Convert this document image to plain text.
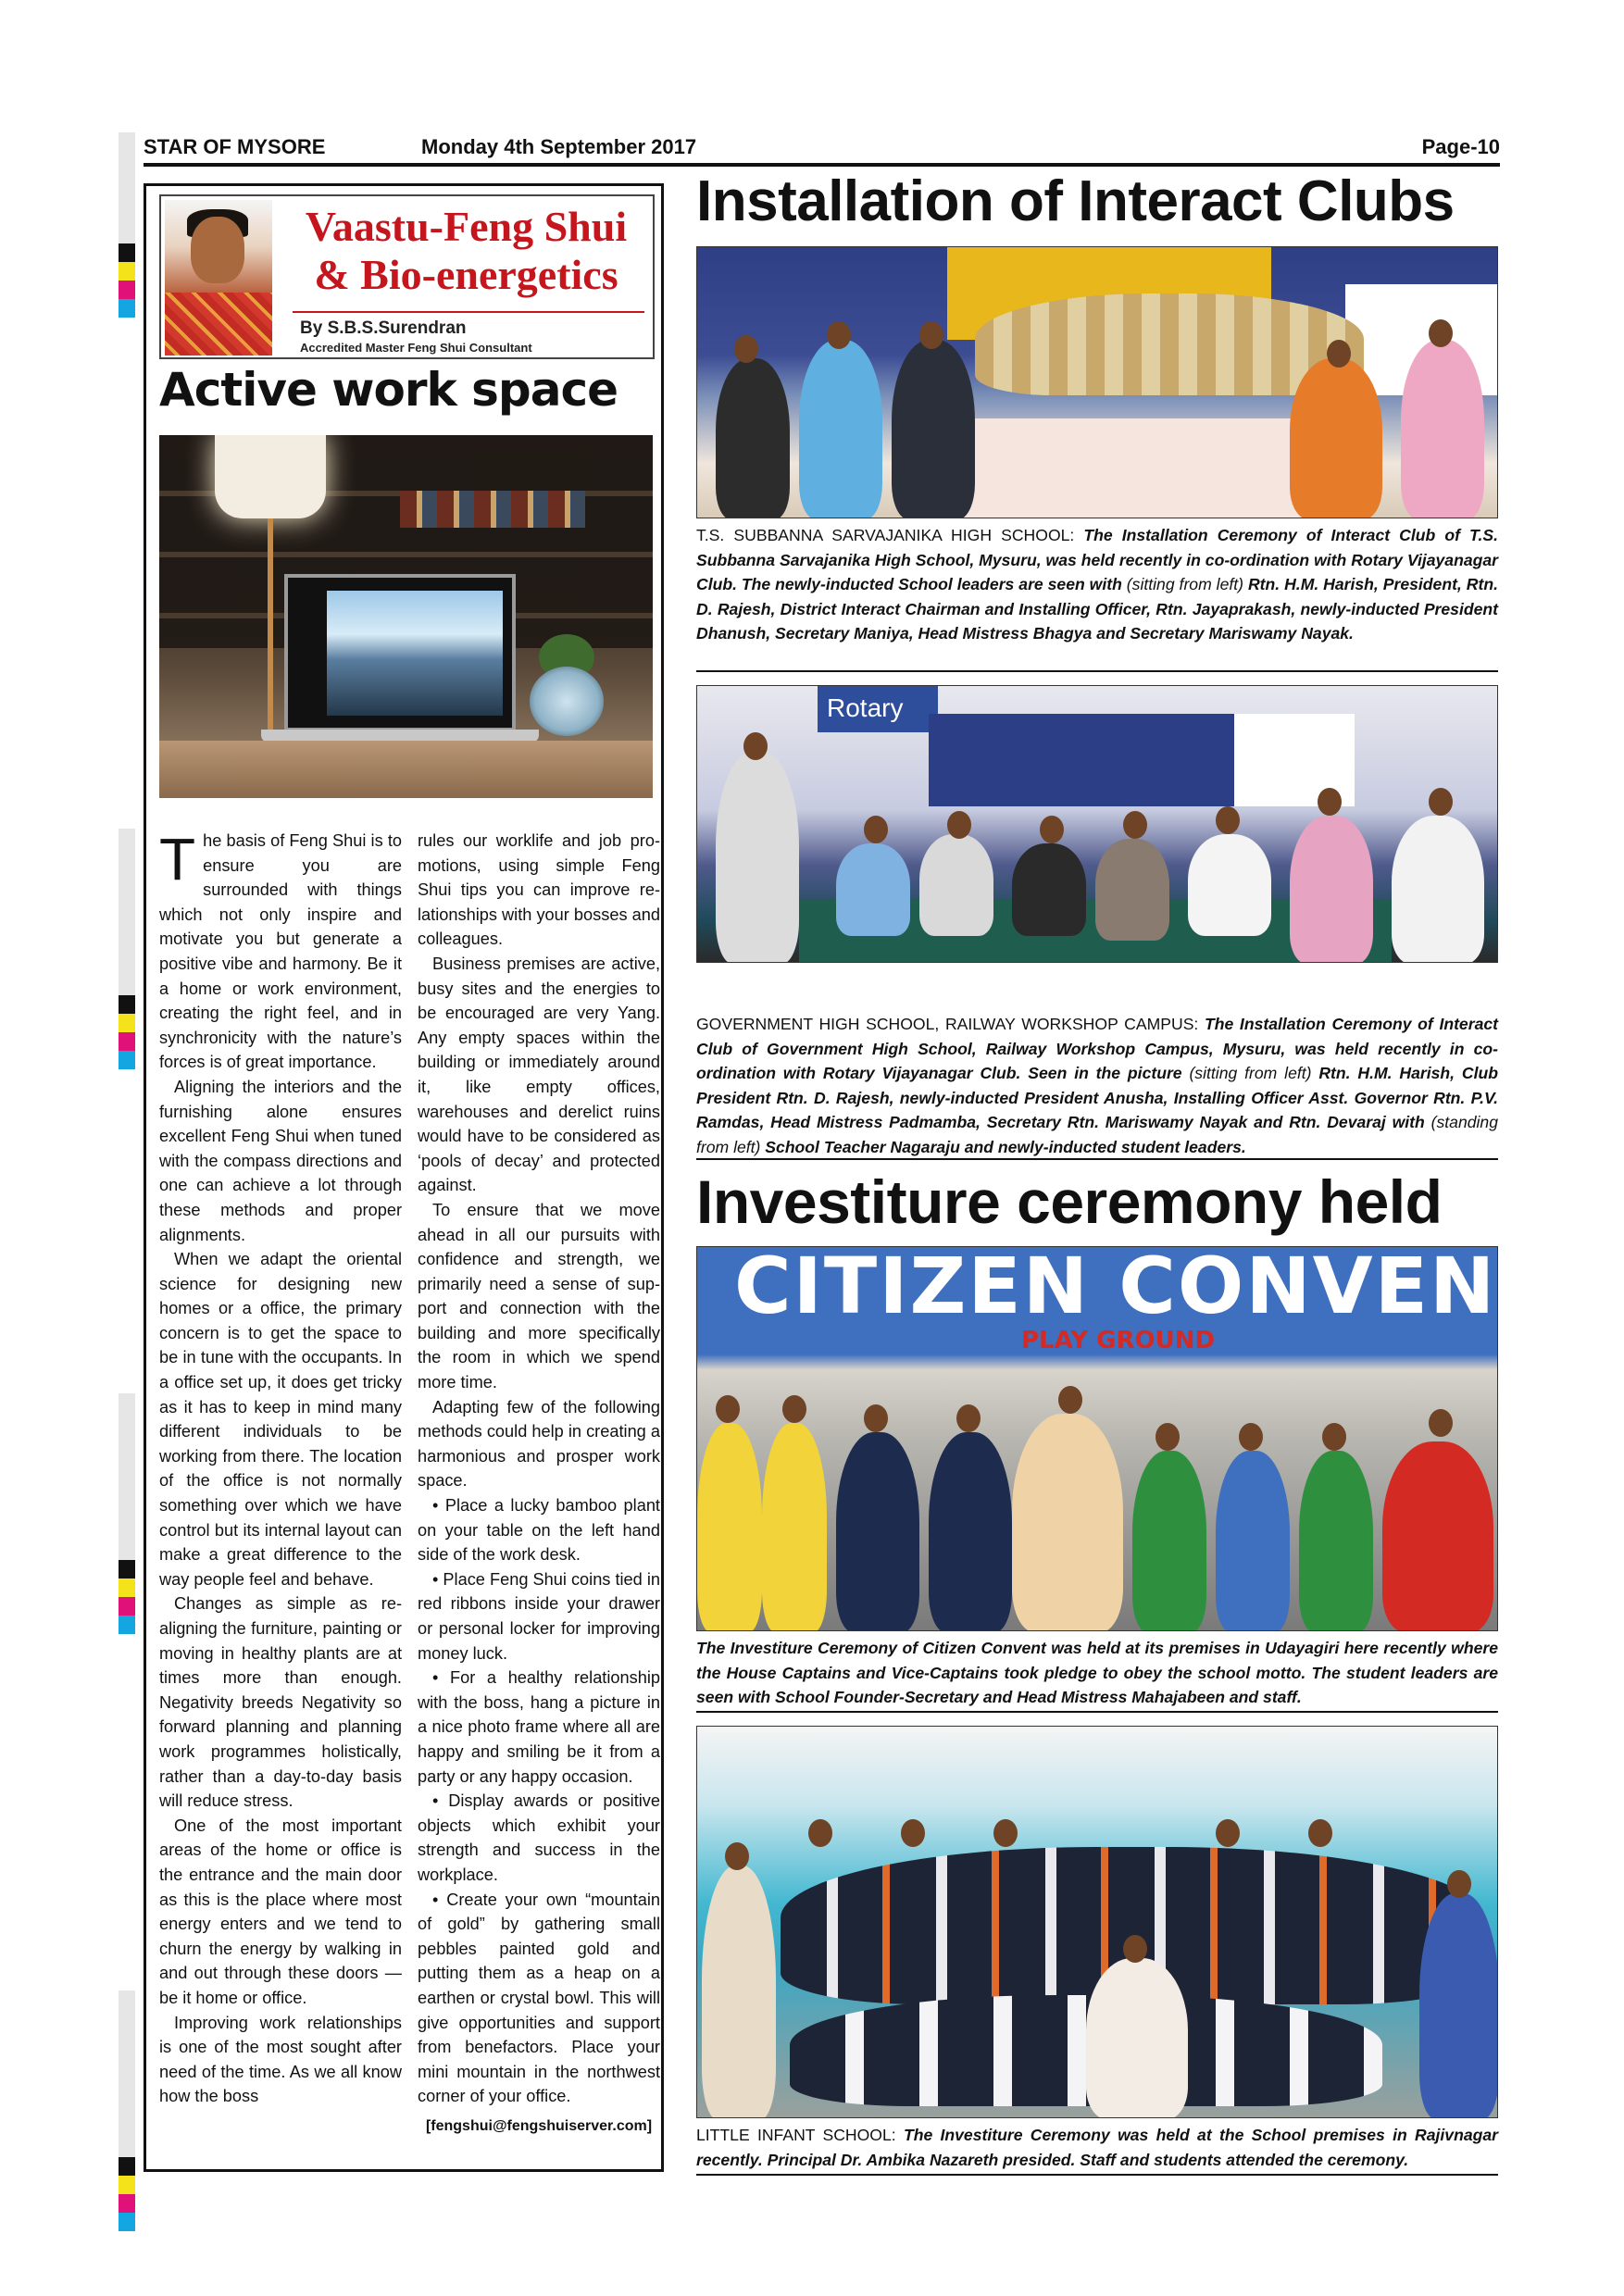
STAR OF MYSORE	Monday 4th September 2017	Page-10
Vaastu-Feng Shui
& Bio-energetics
By S.B.S.Surendran
Accredited Master Feng Shui Consultant
Active work space

The basis of Feng Shui is to ensure you are surrounded with things which not only inspire and motivate you but generate a positive vibe and harmony. Be it a home or work environment, creating the right feel, and in synchronicity with the nature’s forces is of great importance.

Aligning the interiors and the furnishing alone ensures excellent Feng Shui when tuned with the compass directions and one can achieve a lot through these methods and proper alignments.

When we adapt the oriental science for designing new homes or a office, the primary concern is to get the space to be in tune with the occupants. In a office set up, it does get tricky as it has to keep in mind many different individuals to be working from there. The location of the office is not normally something over which we have control but its internal layout can make a great difference to the way people feel and behave.

Changes as simple as re-aligning the furniture, painting or moving in healthy plants are at times more than enough. Negativity breeds Negativity so forward planning and planning work programmes holistically, rather than a day-to-day basis will reduce stress.

One of the most important areas of the home or office is the entrance and the main door as this is the place where most energy enters and we tend to churn the energy by walking in and out through these doors — be it home or office.

Improving work relationships is one of the most sought after need of the time. As we all know how the boss

rules our worklife and job promotions, using simple Feng Shui tips you can improve relationships with your bosses and colleagues.

Business premises are active, busy sites and the energies to be encouraged are very Yang. Any empty spaces within the building or immediately around it, like empty offices, warehouses and derelict ruins would have to be considered as ‘pools of decay’ and protected against.

To ensure that we move ahead in all our pursuits with confidence and strength, we primarily need a sense of support and connection with the building and more specifically the room in which we spend more time.

Adapting few of the following methods could help in creating a harmonious and prosper work space.

• Place a lucky bamboo plant on your table on the left hand side of the work desk.

• Place Feng Shui coins tied in red ribbons inside your drawer or personal locker for improving money luck.

• For a healthy relationship with the boss, hang a picture in a nice photo frame where all are happy and smiling be it from a party or any happy occasion.

• Display awards or positive objects which exhibit your strength and success in the workplace.

• Create your own “mountain of gold” by gathering small pebbles painted gold and putting them as a heap on a earthen or crystal bowl. This will give opportunities and support from benefactors. Place your mini mountain in the northwest corner of your office.

[fengshui@fengshuiserver.com]

Installation of Interact Clubs
T.S. SUBBANNA SARVAJANIKA HIGH SCHOOL: The Installation Ceremony of Interact Club of T.S. Subbanna Sarvajanika High School, Mysuru, was held recently in co-ordination with Rotary Vijayanagar Club. The newly-inducted School leaders are seen with (sitting from left) Rtn. H.M. Harish, President, Rtn. D. Rajesh, District Interact Chairman and Installing Officer, Rtn. Jayaprakash, newly-inducted President Dhanush, Secretary Maniya, Head Mistress Bhagya and Secretary Mariswamy Nayak.
Rotary
GOVERNMENT HIGH SCHOOL, RAILWAY WORKSHOP CAMPUS: The Installation Ceremony of Interact Club of Government High School, Railway Workshop Campus, Mysuru, was held recently in co-ordination with Rotary Vijayanagar Club. Seen in the picture (sitting from left) Rtn. H.M. Harish, Club President Rtn. D. Rajesh, newly-inducted President Anusha, Installing Officer Asst. Governor Rtn. P.V. Ramdas, Head Mistress Padmamba, Secretary Rtn. Mariswamy Nayak and Rtn. Devaraj with (standing from left) School Teacher Nagaraju and newly-inducted student leaders.
Investiture ceremony held
CITIZEN CONVEN
PLAY GROUND
The Investiture Ceremony of Citizen Convent was held at its premises in Udayagiri here recently where the House Captains and Vice-Captains took pledge to obey the school motto. The student leaders are seen with School Founder-Secretary and Head Mistress Mahajabeen and staff.
LITTLE INFANT SCHOOL: The Investiture Ceremony was held at the School premises in Rajivnagar recently. Principal Dr. Ambika Nazareth presided. Staff and students attended the ceremony.
